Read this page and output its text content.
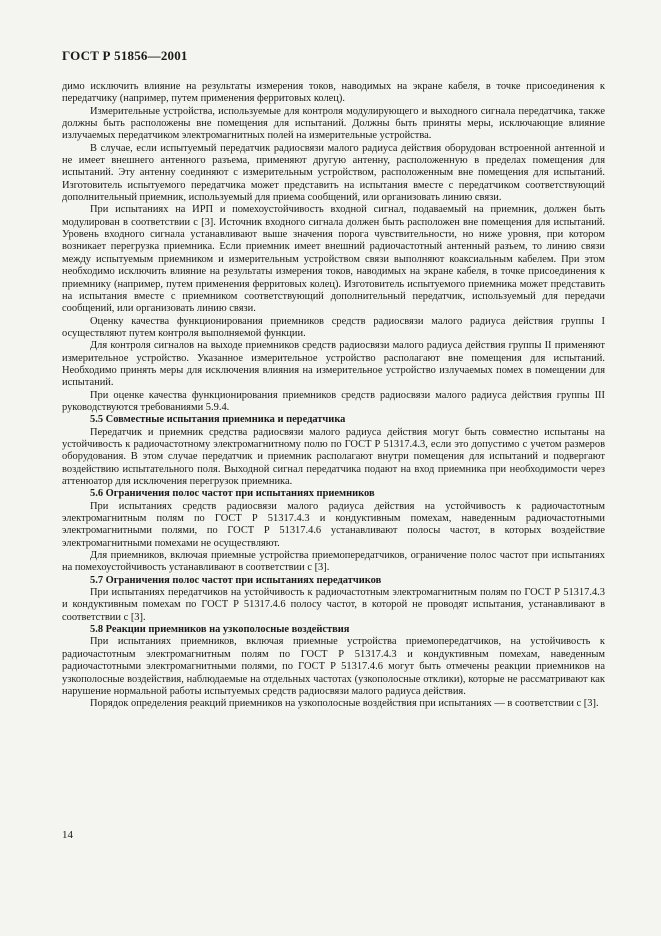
ГОСТ Р 51856—2001

димо исключить влияние на результаты измерения токов, наводимых на экране кабеля, в точке присоединения к передатчику (например, путем применения ферритовых колец).

Измерительные устройства, используемые для контроля модулирующего и выходного сигнала передатчика, также должны быть расположены вне помещения для испытаний. Должны быть приняты меры, исключающие влияние излучаемых передатчиком электромагнитных полей на измерительные устройства.

В случае, если испытуемый передатчик радиосвязи малого радиуса действия оборудован встроенной антенной и не имеет внешнего антенного разъема, применяют другую антенну, расположенную в пределах помещения для испытаний. Эту антенну соединяют с измерительным устройством, расположенным вне помещения для испытаний. Изготовитель испытуемого передатчика может представить на испытания вместе с передатчиком соответствующий дополнительный приемник, используемый для приема сообщений, или организовать линию связи.

При испытаниях на ИРП и помехоустойчивость входной сигнал, подаваемый на приемник, должен быть модулирован в соответствии с [3]. Источник входного сигнала должен быть расположен вне помещения для испытаний. Уровень входного сигнала устанавливают выше значения порога чувствительности, но ниже уровня, при котором возникает перегрузка приемника. Если приемник имеет внешний радиочастотный антенный разъем, то линию связи между испытуемым приемником и измерительным устройством связи выполняют коаксиальным кабелем. При этом необходимо исключить влияние на результаты измерения токов, наводимых на экране кабеля, в точке присоединения к приемнику (например, путем применения ферритовых колец). Изготовитель испытуемого приемника может представить на испытания вместе с приемником соответствующий дополнительный передатчик, используемый для передачи сообщений, или организовать линию связи.

Оценку качества функционирования приемников средств радиосвязи малого радиуса действия группы I осуществляют путем контроля выполняемой функции.

Для контроля сигналов на выходе приемников средств радиосвязи малого радиуса действия группы II применяют измерительное устройство. Указанное измерительное устройство располагают вне помещения для испытаний. Необходимо принять меры для исключения влияния на измерительное устройство излучаемых помех в помещении для испытаний.

При оценке качества функционирования приемников средств радиосвязи малого радиуса действия группы III руководствуются требованиями 5.9.4.

5.5 Совместные испытания приемника и передатчика

Передатчик и приемник средства радиосвязи малого радиуса действия могут быть совместно испытаны на устойчивость к радиочастотному электромагнитному полю по ГОСТ Р 51317.4.3, если это допустимо с учетом размеров оборудования. В этом случае передатчик и приемник располагают внутри помещения для испытаний и подвергают воздействию испытательного поля. Выходной сигнал передатчика подают на вход приемника при необходимости через аттенюатор для исключения перегрузок приемника.

5.6 Ограничения полос частот при испытаниях приемников

При испытаниях средств радиосвязи малого радиуса действия на устойчивость к радиочастотным электромагнитным полям по ГОСТ Р 51317.4.3 и кондуктивным помехам, наведенным радиочастотными электромагнитными полями, по ГОСТ Р 51317.4.6 устанавливают полосы частот, в которых воздействие электромагнитными помехами не осуществляют.

Для приемников, включая приемные устройства приемопередатчиков, ограничение полос частот при испытаниях на помехоустойчивость устанавливают в соответствии с [3].

5.7 Ограничения полос частот при испытаниях передатчиков

При испытаниях передатчиков на устойчивость к радиочастотным электромагнитным полям по ГОСТ Р 51317.4.3 и кондуктивным помехам по ГОСТ Р 51317.4.6 полосу частот, в которой не проводят испытания, устанавливают в соответствии с [3].

5.8 Реакции приемников на узкополосные воздействия

При испытаниях приемников, включая приемные устройства приемопередатчиков, на устойчивость к радиочастотным электромагнитным полям по ГОСТ Р 51317.4.3 и кондуктивным помехам, наведенным радиочастотными электромагнитными полями, по ГОСТ Р 51317.4.6 могут быть отмечены реакции приемников на узкополосные воздействия, наблюдаемые на отдельных частотах (узкополосные отклики), которые не рассматривают как нарушение нормальной работы испытуемых средств радиосвязи малого радиуса действия.

Порядок определения реакций приемников на узкополосные воздействия при испытаниях — в соответствии с [3].

14
